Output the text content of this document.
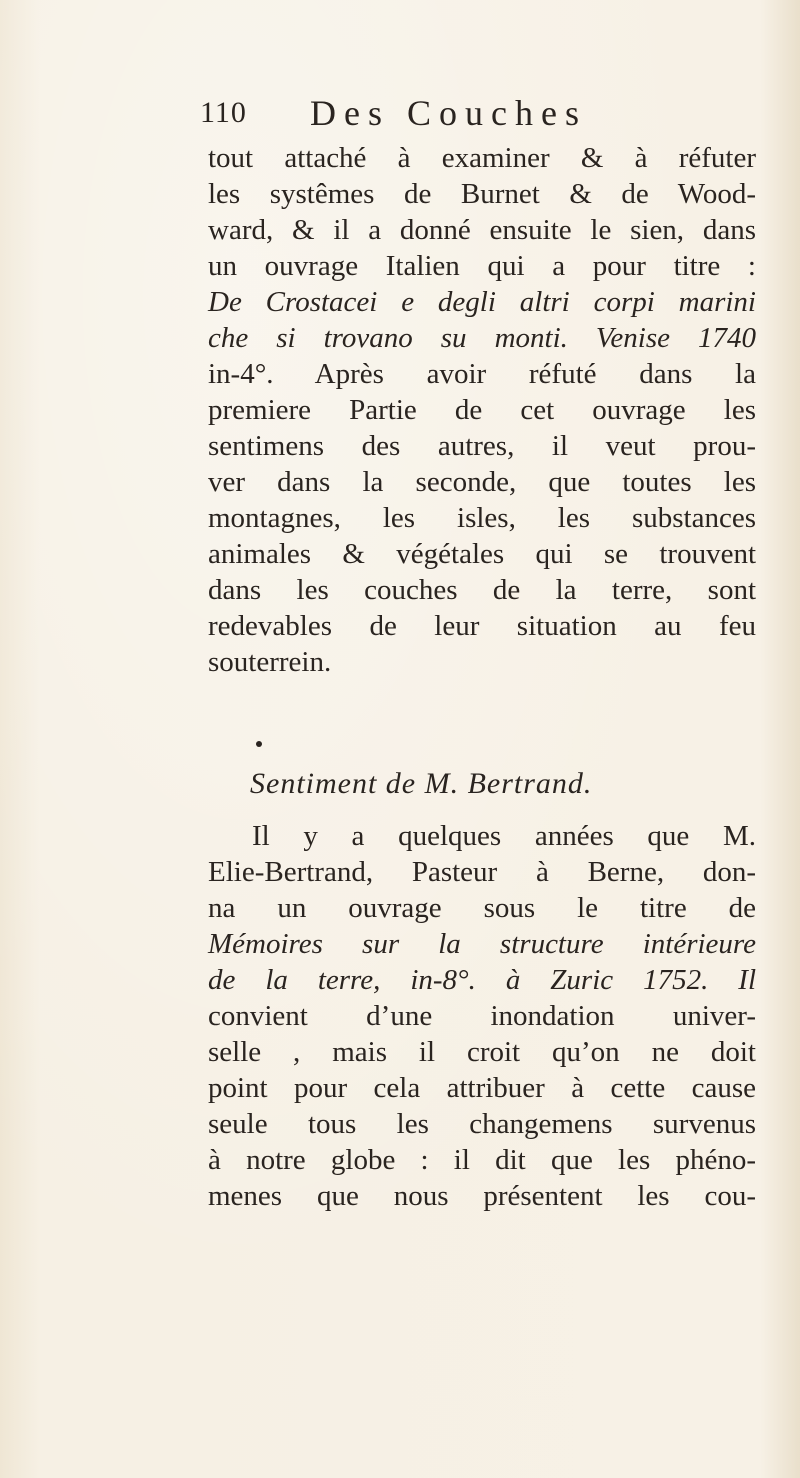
110 Des Couches
tout attaché à examiner & à réfuter
les systêmes de Burnet & de Wood-
ward, & il a donné ensuite le sien, dans
un ouvrage Italien qui a pour titre :
De Crostacei e degli altri corpi marini
che si trovano su monti. Venise 1740
in-4°. Après avoir réfuté dans la
premiere Partie de cet ouvrage les
sentimens des autres, il veut prou-
ver dans la seconde, que toutes les
montagnes, les isles, les substances
animales & végétales qui se trouvent
dans les couches de la terre, sont
redevables de leur situation au feu
souterrein.
Sentiment de M. Bertrand.
Il y a quelques années que M.
Elie-Bertrand, Pasteur à Berne, don-
na un ouvrage sous le titre de
Mémoires sur la structure intérieure
de la terre, in-8°. à Zuric 1752. Il
convient d’une inondation univer-
selle , mais il croit qu’on ne doit
point pour cela attribuer à cette cause
seule tous les changemens survenus
à notre globe : il dit que les phéno-
menes que nous présentent les cou-
